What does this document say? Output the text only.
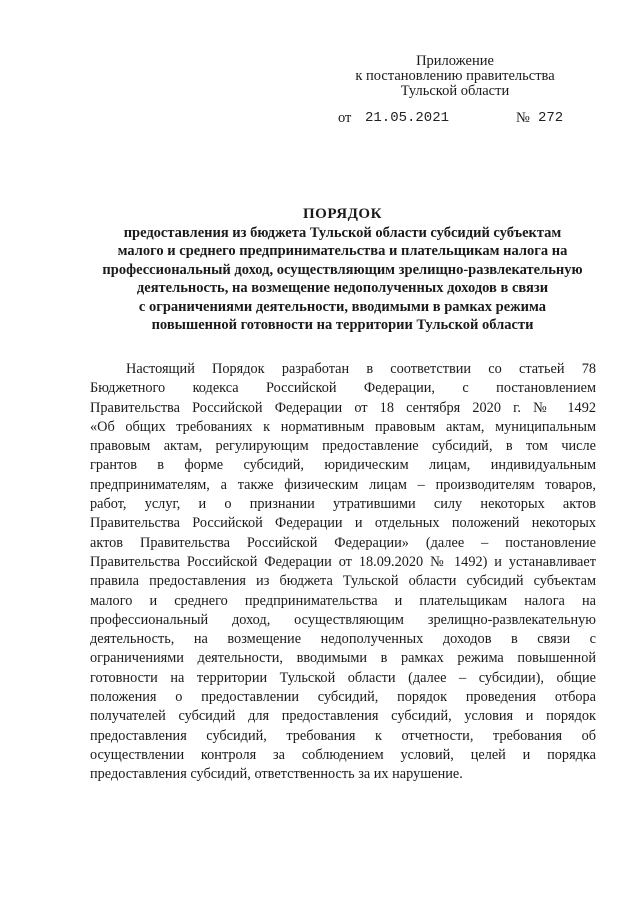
Приложение
к постановлению правительства
Тульской области
от 21.05.2021	№ 272
ПОРЯДОК
предоставления из бюджета Тульской области субсидий субъектам
малого и среднего предпринимательства и плательщикам налога на
профессиональный доход, осуществляющим зрелищно-развлекательную
деятельность, на возмещение недополученных доходов в связи
с ограничениями деятельности, вводимыми в рамках режима
повышенной готовности на территории Тульской области
Настоящий Порядок разработан в соответствии со статьей 78
Бюджетного кодекса Российской Федерации, с постановлением
Правительства Российской Федерации от 18 сентября 2020 г. № 1492
«Об общих требованиях к нормативным правовым актам, муниципальным
правовым актам, регулирующим предоставление субсидий, в том числе
грантов в форме субсидий, юридическим лицам, индивидуальным
предпринимателям, а также физическим лицам – производителям товаров,
работ, услуг, и о признании утратившими силу некоторых актов
Правительства Российской Федерации и отдельных положений некоторых
актов Правительства Российской Федерации» (далее – постановление
Правительства Российской Федерации от 18.09.2020 № 1492) и устанавливает
правила предоставления из бюджета Тульской области субсидий субъектам
малого и среднего предпринимательства и плательщикам налога на
профессиональный доход, осуществляющим зрелищно-развлекательную
деятельность, на возмещение недополученных доходов в связи с
ограничениями деятельности, вводимыми в рамках режима повышенной
готовности на территории Тульской области (далее – субсидии), общие
положения о предоставлении субсидий, порядок проведения отбора
получателей субсидий для предоставления субсидий, условия и порядок
предоставления субсидий, требования к отчетности, требования об
осуществлении контроля за соблюдением условий, целей и порядка
предоставления субсидий, ответственность за их нарушение.
